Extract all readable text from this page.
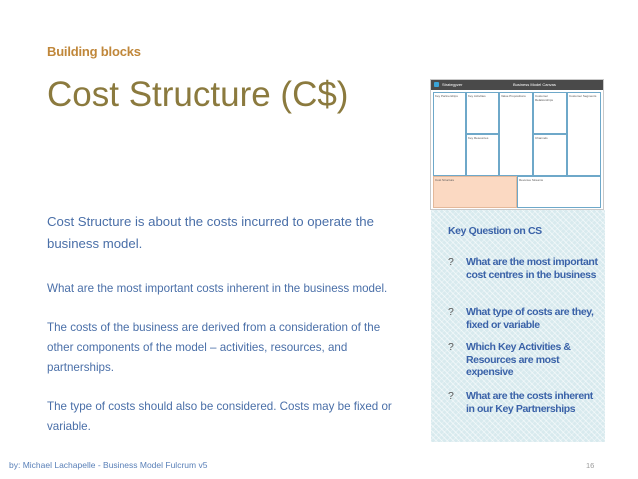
Building blocks
Cost Structure (C$)

Cost Structure is about the costs incurred to operate the business model.

What are the most important costs inherent in the business model.

The costs of the business are derived from a consideration of the other components of the model – activities, resources, and partnerships.

The type of costs should also be considered. Costs may be fixed or variable.

Strategyzer	Business Model Canvas
Key Partnerships	Key Activities
Key Resources
Value Propositions	Customer Relationships
Channels
Customer Segments
Cost Structure	Revenue Streams
Key Question on CS
? What are the most important cost centres in the business
? What type of costs are they, fixed or variable
? Which Key Activities & Resources are most expensive
? What are the costs inherent in our Key Partnerships
by: Michael Lachapelle - Business Model Fulcrum v5	16
